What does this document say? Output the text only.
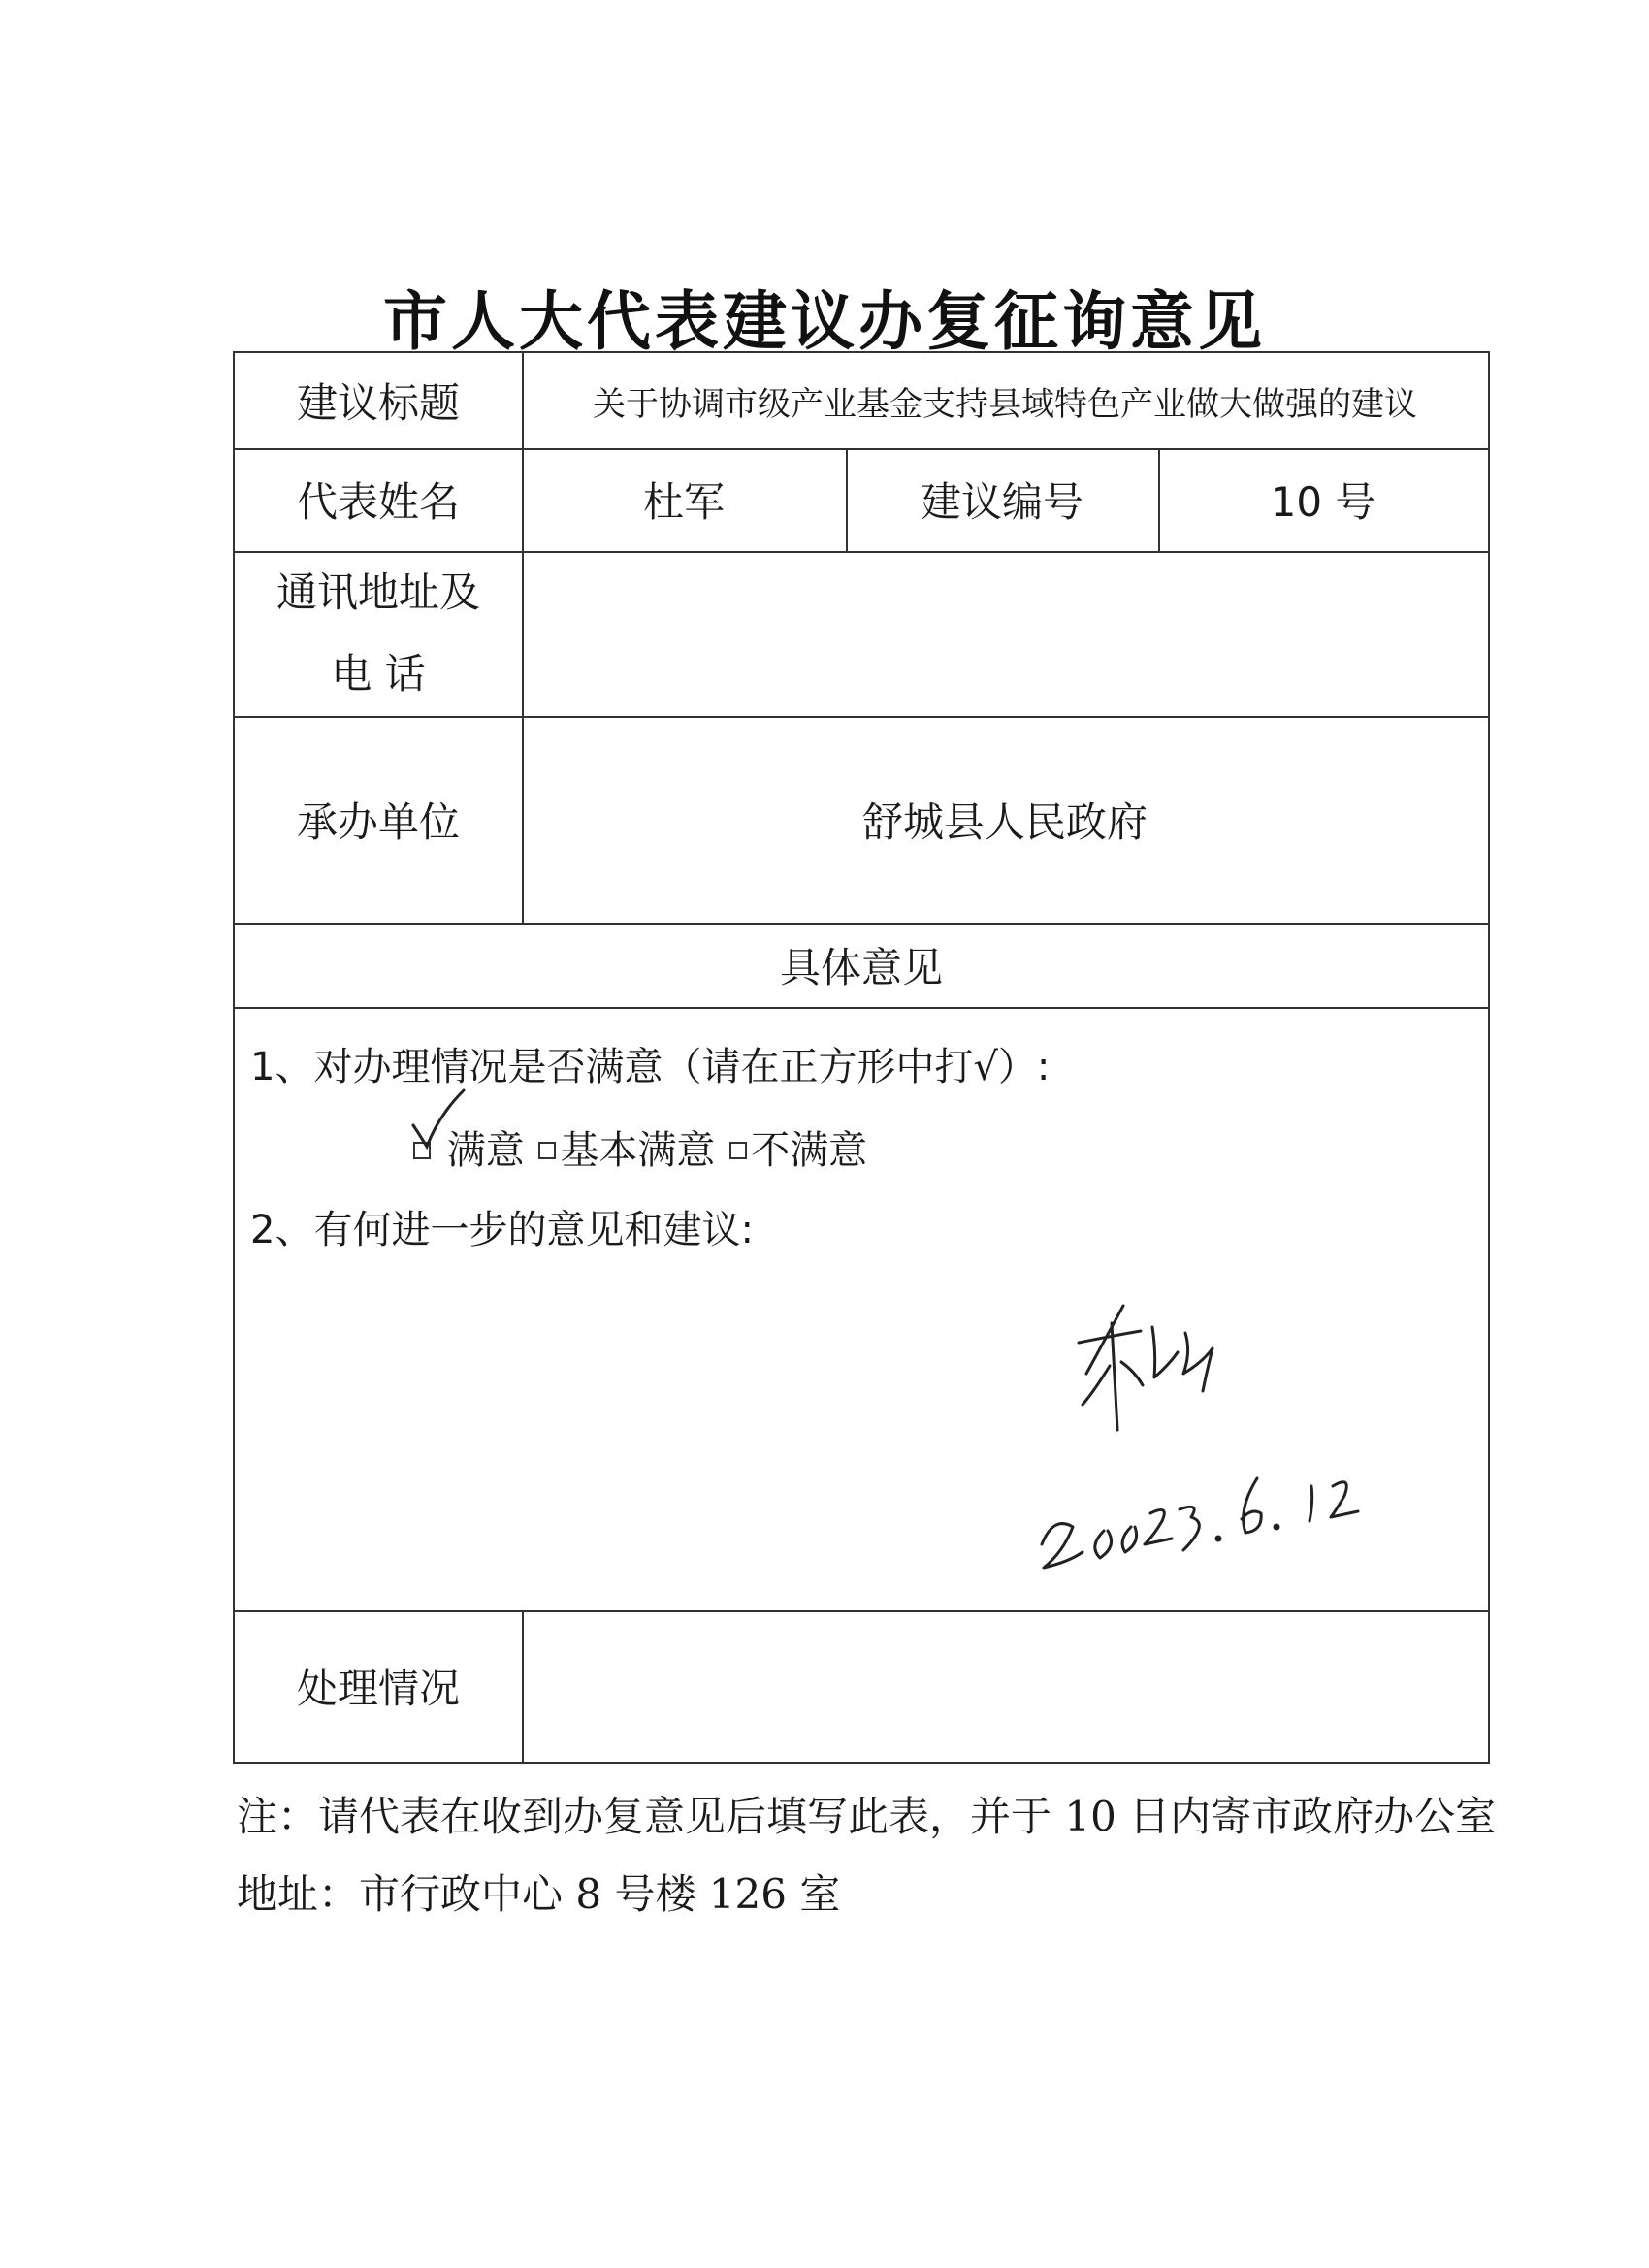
市人大代表建议办复征询意见
建议标题	关于协调市级产业基金支持县域特色产业做大做强的建议
代表姓名	杜军	建议编号	10 号
通讯地址及
电 话
承办单位	舒城县人民政府
具体意见
1、对办理情况是否满意（请在正方形中打√）:

满意 基本满意 不满意
2、有何进一步的意见和建议:
处理情况
注：请代表在收到办复意见后填写此表，并于 10 日内寄市政府办公室
地址：市行政中心 8 号楼 126 室
